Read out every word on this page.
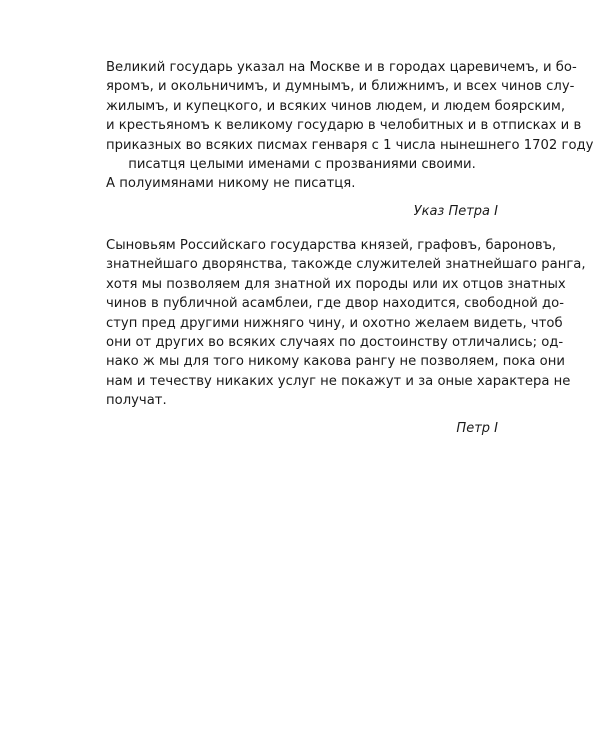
Великий государь указал на Москве и в городах царевичемъ, и бо-
яромъ, и окольничимъ, и думнымъ, и ближнимъ, и всех чинов слу-
жилымъ, и купецкого, и всяких чинов людем, и людем боярским,
и крестьяномъ к великому государю в челобитных и в отписках и в
приказных во всяких писмах генваря с 1 числа нынешнего 1702 году
писатця целыми именами с прозваниями своими.
А полуимянами никому не писатця.
Указ Петра I
Сыновьям Российскаго государства князей, графовъ, бароновъ,
знатнейшаго дворянства, такожде служителей знатнейшаго ранга,
хотя мы позволяем для знатной их породы или их отцов знатных
чинов в публичной асамблеи, где двор находится, свободной до-
ступ пред другими нижняго чину, и охотно желаем видеть, чтоб
они от других во всяких случаях по достоинству отличались; од-
нако ж мы для того никому какова рангу не позволяем, пока они
нам и течеству никаких услуг не покажут и за оные характера не
получат.
Петр I
